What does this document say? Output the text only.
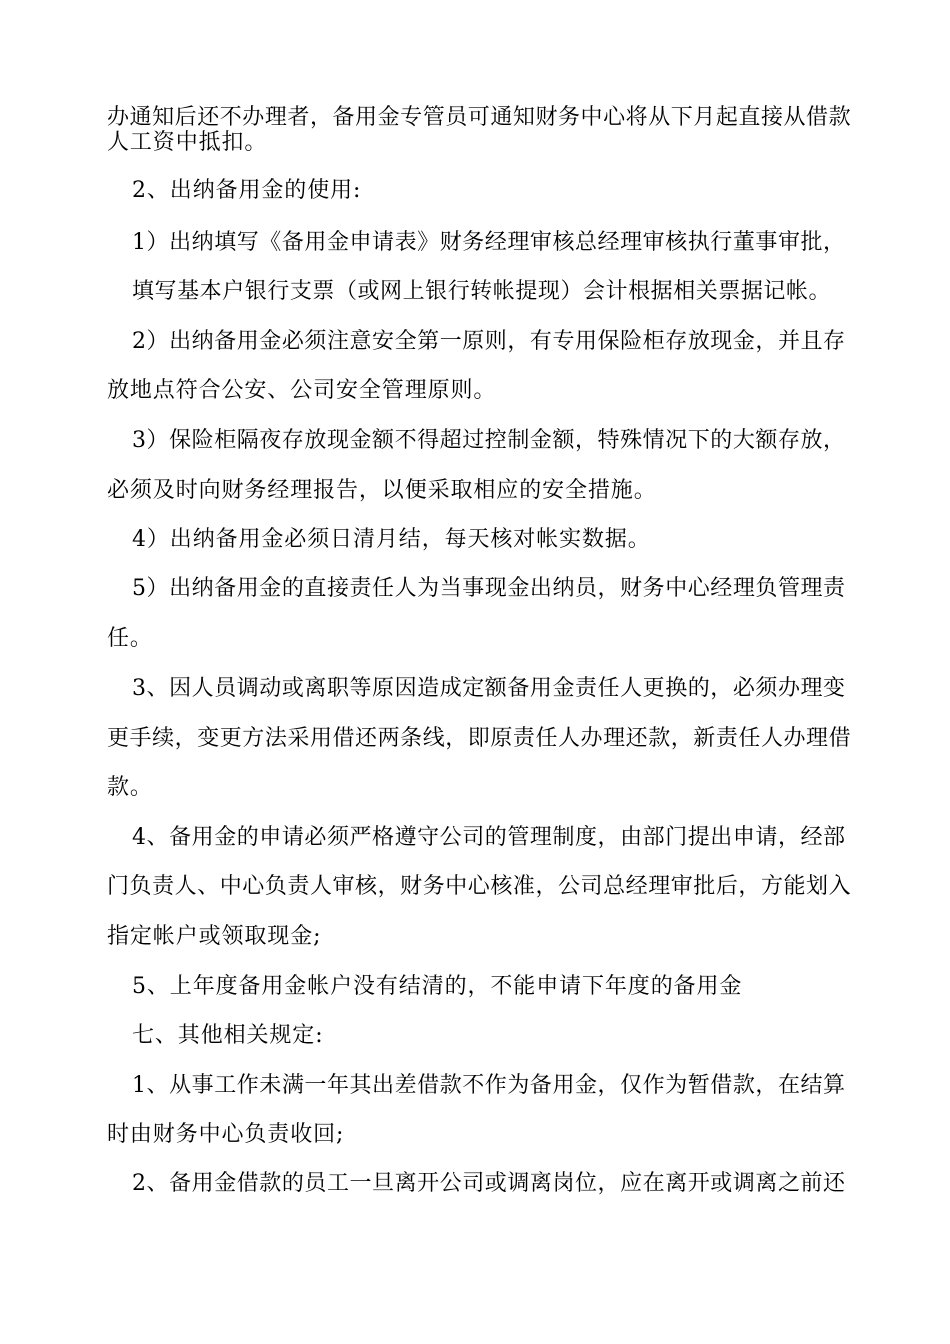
办通知后还不办理者，备用金专管员可通知财务中心将从下月起直接从借款
人工资中抵扣。
2、出纳备用金的使用:
1）出纳填写《备用金申请表》财务经理审核总经理审核执行董事审批，
填写基本户银行支票（或网上银行转帐提现）会计根据相关票据记帐。
2）出纳备用金必须注意安全第一原则，有专用保险柜存放现金，并且存
放地点符合公安、公司安全管理原则。
3）保险柜隔夜存放现金额不得超过控制金额，特殊情况下的大额存放，
必须及时向财务经理报告，以便采取相应的安全措施。
4）出纳备用金必须日清月结，每天核对帐实数据。
5）出纳备用金的直接责任人为当事现金出纳员，财务中心经理负管理责
任。
3、因人员调动或离职等原因造成定额备用金责任人更换的，必须办理变
更手续，变更方法采用借还两条线，即原责任人办理还款，新责任人办理借
款。
4、备用金的申请必须严格遵守公司的管理制度，由部门提出申请，经部
门负责人、中心负责人审核，财务中心核准，公司总经理审批后，方能划入
指定帐户或领取现金;
5、上年度备用金帐户没有结清的，不能申请下年度的备用金
七、其他相关规定:
1、从事工作未满一年其出差借款不作为备用金，仅作为暂借款，在结算
时由财务中心负责收回;
2、备用金借款的员工一旦离开公司或调离岗位，应在离开或调离之前还
